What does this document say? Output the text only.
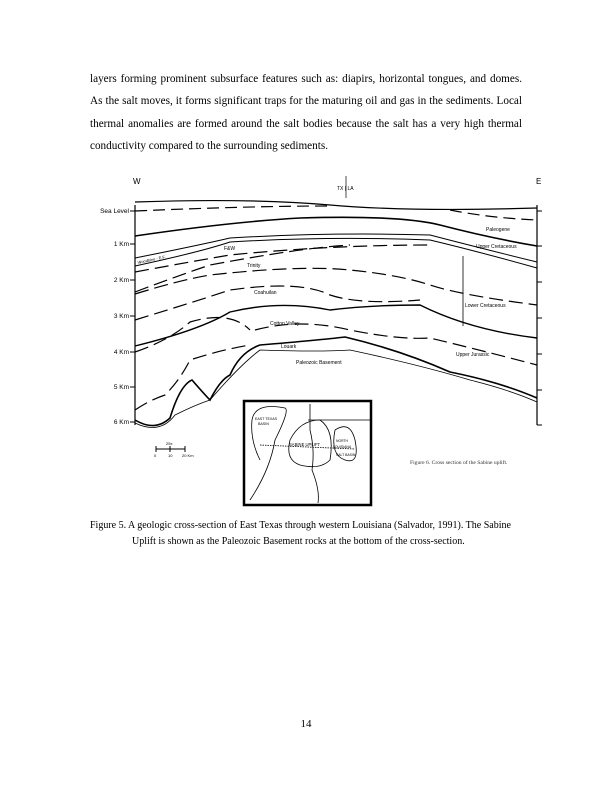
layers forming prominent subsurface features such as: diapirs, horizontal tongues, and domes.
As the salt moves, it forms significant traps for the maturing oil and gas in the sediments. Local
thermal anomalies are formed around the salt bodies because the salt has a very high thermal
conductivity compared to the surrounding sediments.
W	E
TX | LA
Sea Level
1 Km
2 Km
3 Km
4 Km
5 Km
6 Km
F&W
Woodbine - E.F.
Trinity
Coahuilan
Cotton Valley
Louark
Paleozoic Basement
Paleogene
Upper Cretaceous
Lower Cretaceous
Upper Jurassic
25x
0	10 20 Km
EAST TEXAS
BASIN
SABINE UPLIFT
NORTH
LOUISIANA
SALT BASIN
Figure 6. Cross section of the Sabine uplift.
Figure 5. A geologic cross-section of East Texas through western Louisiana (Salvador, 1991). The Sabine
Uplift is shown as the Paleozoic Basement rocks at the bottom of the cross-section.
14
